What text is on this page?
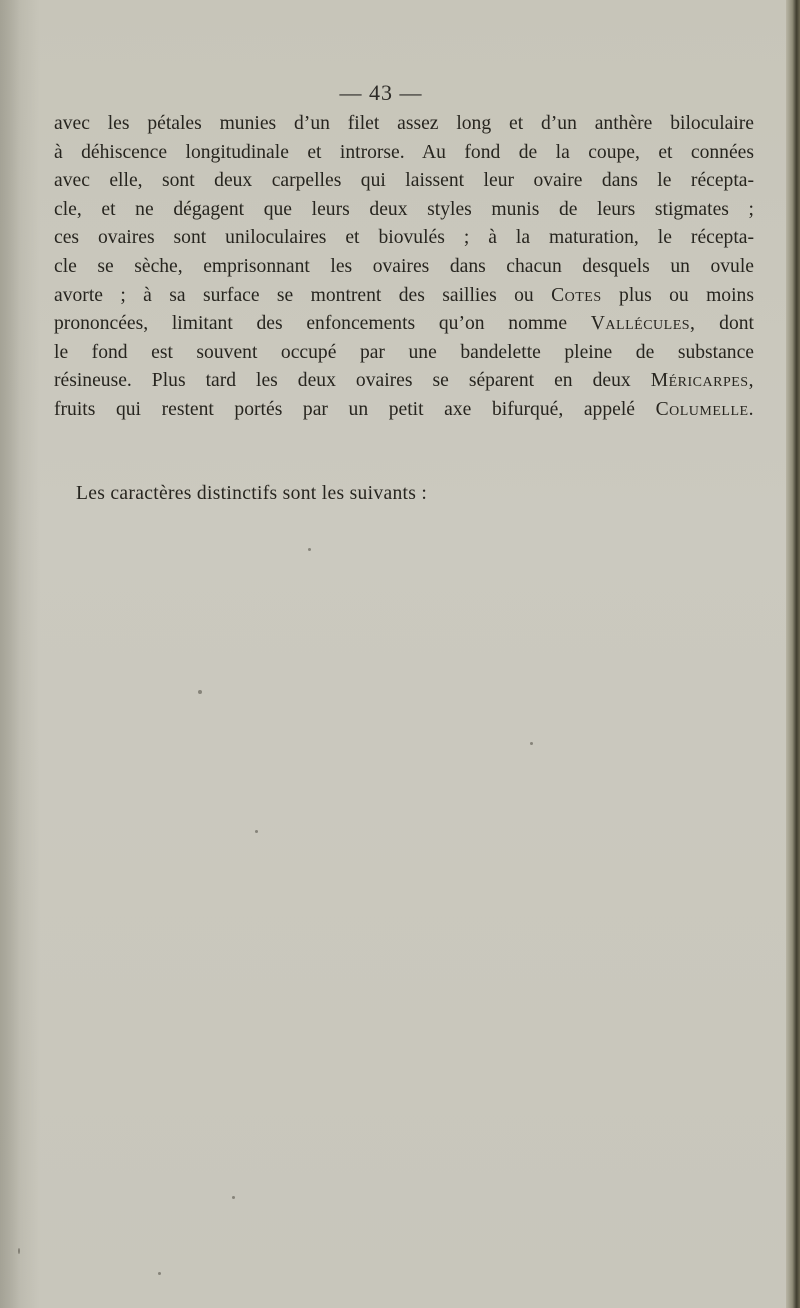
— 43 —
avec les pétales munies d’un filet assez long et d’un anthère biloculaire
à déhiscence longitudinale et introrse. Au fond de la coupe, et connées
avec elle, sont deux carpelles qui laissent leur ovaire dans le récepta-
cle, et ne dégagent que leurs deux styles munis de leurs stigmates ;
ces ovaires sont uniloculaires et biovulés ; à la maturation, le récepta-
cle se sèche, emprisonnant les ovaires dans chacun desquels un ovule
avorte ; à sa surface se montrent des saillies ou Cotes plus ou moins
prononcées, limitant des enfoncements qu’on nomme Vallécules, dont
le fond est souvent occupé par une bandelette pleine de substance
résineuse. Plus tard les deux ovaires se séparent en deux Méricarpes,
fruits qui restent portés par un petit axe bifurqué, appelé Columelle.
Les caractères distinctifs sont les suivants :
